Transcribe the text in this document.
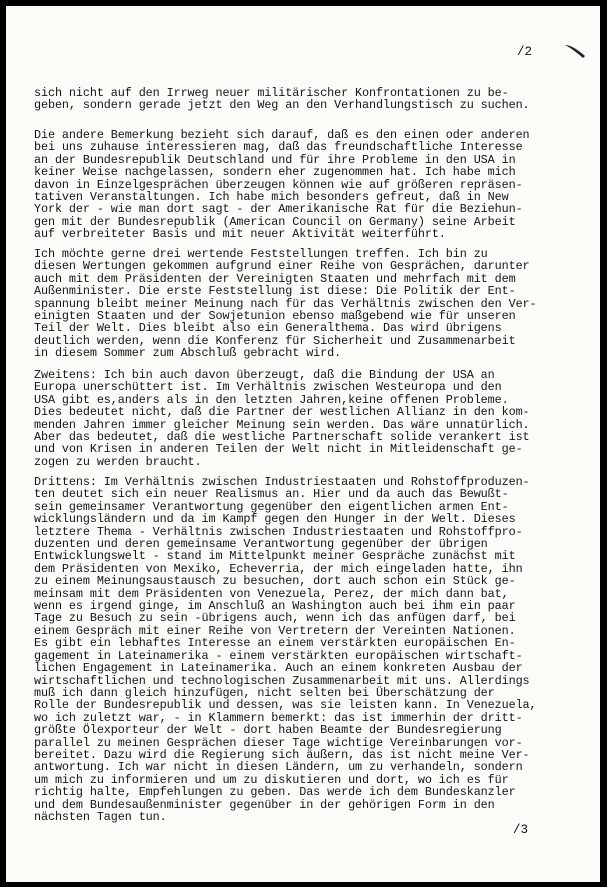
/2
sich nicht auf den Irrweg neuer militärischer Konfrontationen zu be-
geben, sondern gerade jetzt den Weg an den Verhandlungstisch zu suchen.
Die andere Bemerkung bezieht sich darauf, daß es den einen oder anderen
bei uns zuhause interessieren mag, daß das freundschaftliche Interesse
an der Bundesrepublik Deutschland und für ihre Probleme in den USA in
keiner Weise nachgelassen, sondern eher zugenommen hat. Ich habe mich
davon in Einzelgesprächen überzeugen können wie auf größeren repräsen-
tativen Veranstaltungen. Ich habe mich besonders gefreut, daß in New
York der - wie man dort sagt - der Amerikanische Rat für die Beziehun-
gen mit der Bundesrepublik (American Council on Germany) seine Arbeit
auf verbreiteter Basis und mit neuer Aktivität weiterführt.
Ich möchte gerne drei wertende Feststellungen treffen. Ich bin zu
diesen Wertungen gekommen aufgrund einer Reihe von Gesprächen, darunter
auch mit dem Präsidenten der Vereinigten Staaten und mehrfach mit dem
Außenminister. Die erste Feststellung ist diese: Die Politik der Ent-
spannung bleibt meiner Meinung nach für das Verhältnis zwischen den Ver-
einigten Staaten und der Sowjetunion ebenso maßgebend wie für unseren
Teil der Welt. Dies bleibt also ein Generalthema. Das wird übrigens
deutlich werden, wenn die Konferenz für Sicherheit und Zusammenarbeit
in diesem Sommer zum Abschluß gebracht wird.
Zweitens: Ich bin auch davon überzeugt, daß die Bindung der USA an
Europa unerschüttert ist. Im Verhältnis zwischen Westeuropa und den
USA gibt es,anders als in den letzten Jahren,keine offenen Probleme.
Dies bedeutet nicht, daß die Partner der westlichen Allianz in den kom-
menden Jahren immer gleicher Meinung sein werden. Das wäre unnatürlich.
Aber das bedeutet, daß die westliche Partnerschaft solide verankert ist
und von Krisen in anderen Teilen der Welt nicht in Mitleidenschaft ge-
zogen zu werden braucht.
Drittens: Im Verhältnis zwischen Industriestaaten und Rohstoffproduzen-
ten deutet sich ein neuer Realismus an. Hier und da auch das Bewußt-
sein gemeinsamer Verantwortung gegenüber den eigentlichen armen Ent-
wicklungsländern und da im Kampf gegen den Hunger in der Welt. Dieses
letztere Thema - Verhältnis zwischen Industriestaaten und Rohstoffpro-
duzenten und deren gemeinsame Verantwortung gegenüber der übrigen
Entwicklungswelt - stand im Mittelpunkt meiner Gespräche zunächst mit
dem Präsidenten von Mexiko, Echeverria, der mich eingeladen hatte, ihn
zu einem Meinungsaustausch zu besuchen, dort auch schon ein Stück ge-
meinsam mit dem Präsidenten von Venezuela, Perez, der mich dann bat,
wenn es irgend ginge, im Anschluß an Washington auch bei ihm ein paar
Tage zu Besuch zu sein -übrigens auch, wenn ich das anfügen darf, bei
einem Gespräch mit einer Reihe von Vertretern der Vereinten Nationen.
Es gibt ein lebhaftes Interesse an einem verstärkten europäischen En-
gagement in Lateinamerika - einem verstärkten europäischen wirtschaft-
lichen Engagement in Lateinamerika. Auch an einem konkreten Ausbau der
wirtschaftlichen und technologischen Zusammenarbeit mit uns. Allerdings
muß ich dann gleich hinzufügen, nicht selten bei Überschätzung der
Rolle der Bundesrepublik und dessen, was sie leisten kann. In Venezuela,
wo ich zuletzt war, - in Klammern bemerkt: das ist immerhin der dritt-
größte Ölexporteur der Welt - dort haben Beamte der Bundesregierung
parallel zu meinen Gesprächen dieser Tage wichtige Vereinbarungen vor-
bereitet. Dazu wird die Regierung sich äußern, das ist nicht meine Ver-
antwortung. Ich war nicht in diesen Ländern, um zu verhandeln, sondern
um mich zu informieren und um zu diskutieren und dort, wo ich es für
richtig halte, Empfehlungen zu geben. Das werde ich dem Bundeskanzler
und dem Bundesaußenminister gegenüber in der gehörigen Form in den
nächsten Tagen tun.
/3
